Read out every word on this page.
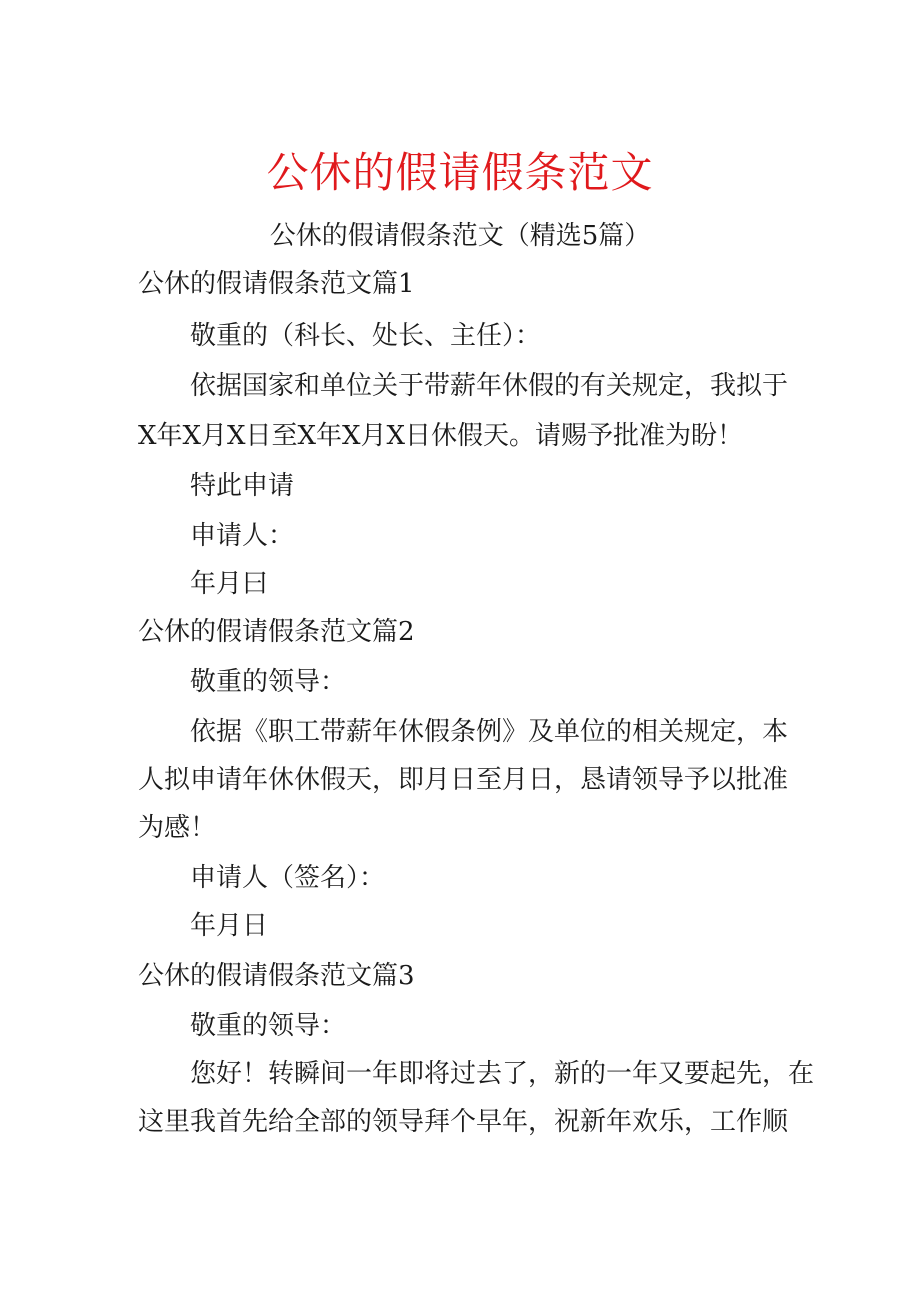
公休的假请假条范文
公休的假请假条范文（精选5篇）
公休的假请假条范文篇1
敬重的（科长、处长、主任）：
依据国家和单位关于带薪年休假的有关规定，我拟于
X年X月X日至X年X月X日休假天。请赐予批准为盼！
特此申请
申请人：
年月曰
公休的假请假条范文篇2
敬重的领导：
依据《职工带薪年休假条例》及单位的相关规定，本
人拟申请年休休假天，即月日至月日，恳请领导予以批准
为感！
申请人（签名）：
年月日
公休的假请假条范文篇3
敬重的领导：
您好！转瞬间一年即将过去了，新的一年又要起先，在
这里我首先给全部的领导拜个早年，祝新年欢乐，工作顺
